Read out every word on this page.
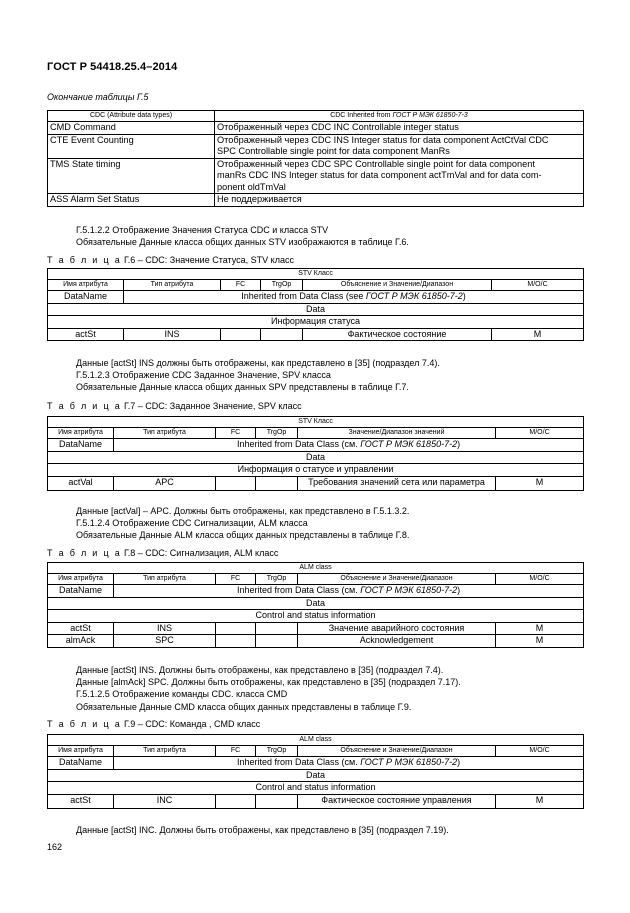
ГОСТ Р 54418.25.4–2014
Окончание таблицы Г.5
CDC (Attribute data types)	CDC Inherited from ГОСТ Р МЭК 61850-7-3
CMD Command	Отображенный через CDC INC Controllable integer status
CTE Event Counting	Отображенный через CDC INS Integer status for data component ActCtVal CDC
SPC Controllable single point for data component ManRs

TMS State timing	Отображенный через CDC SPC Controllable single point for data component
manRs CDC INS Integer status for data component actTmVal and for data com-
ponent oldTmVal

ASS Alarm Set Status	Не поддерживается
Г.5.1.2.2 Отображение Значения Статуса CDC и класса STV
Обязательные Данные класса общих данных STV изображаются в таблице Г.6.
Т а б л и ц а Г.6 – CDC: Значение Статуса, STV класс
STV Класс					
Имя атрибута	Тип атрибута	FC	TrgOp	Объяснение и Значение/Диапазон	M/O/C
DataName	Inherited from Data Class (see ГОСТ Р МЭК 61850-7-2)				
Data					
Информация статуса					
actSt	INS			Фактическое состояние	M
Данные [actSt] INS должны быть отображены, как представлено в [35] (подраздел 7.4).
Г.5.1.2.3 Отображение CDC Заданное Значение, SPV класса
Обязательные Данные класса общих данных SPV представлены в таблице Г.7.
Т а б л и ц а Г.7 – CDC: Заданное Значение, SPV класс
STV Класс					
Имя атрибута	Тип атрибута	FC	TrgOp	Значение/Диапазон значений	M/O/C
DataName	Inherited from Data Class (см. ГОСТ Р МЭК 61850-7-2)				
Data					
Информация о статусе и управлении					
actVal	APC			Требования значений сета или параметра	M
Данные [actVal] – APC. Должны быть отображены, как представлено в Г.5.1.3.2.
Г.5.1.2.4 Отображение CDC Сигнализации, ALM класса
Обязательные Данные ALM класса общих данных представлены в таблице Г.8.
Т а б л и ц а Г.8 – CDC: Сигнализация, ALM класс
ALM class					
Имя атрибута	Тип атрибута	FC	TrgOp	Объяснение и Значение/Диапазон	M/O/C
DataName	Inherited from Data Class (см. ГОСТ Р МЭК 61850-7-2)				
Data					
Control and status information					
actSt	INS			Значение аварийного состояния	M
almAck	SPC			Acknowledgement	M
Данные [actSt] INS. Должны быть отображены, как представлено в [35] (подраздел 7.4).
Данные [almAck] SPC. Должны быть отображены, как представлено в [35] (подраздел 7.17).
Г.5.1.2.5 Отображение команды CDC. класса CMD
Обязательные Данные CMD класса общих данных представлены в таблице Г.9.
Т а б л и ц а Г.9 – CDC: Команда , CMD класс
ALM class					
Имя атрибута	Тип атрибута	FC	TrgOp	Объяснение и Значение/Диапазон	M/O/C
DataName	Inherited from Data Class (см. ГОСТ Р МЭК 61850-7-2)				
Data					
Control and status information					
actSt	INC			Фактическое состояние управления	M
Данные [actSt] INC. Должны быть отображены, как представлено в [35] (подраздел 7.19).
162
